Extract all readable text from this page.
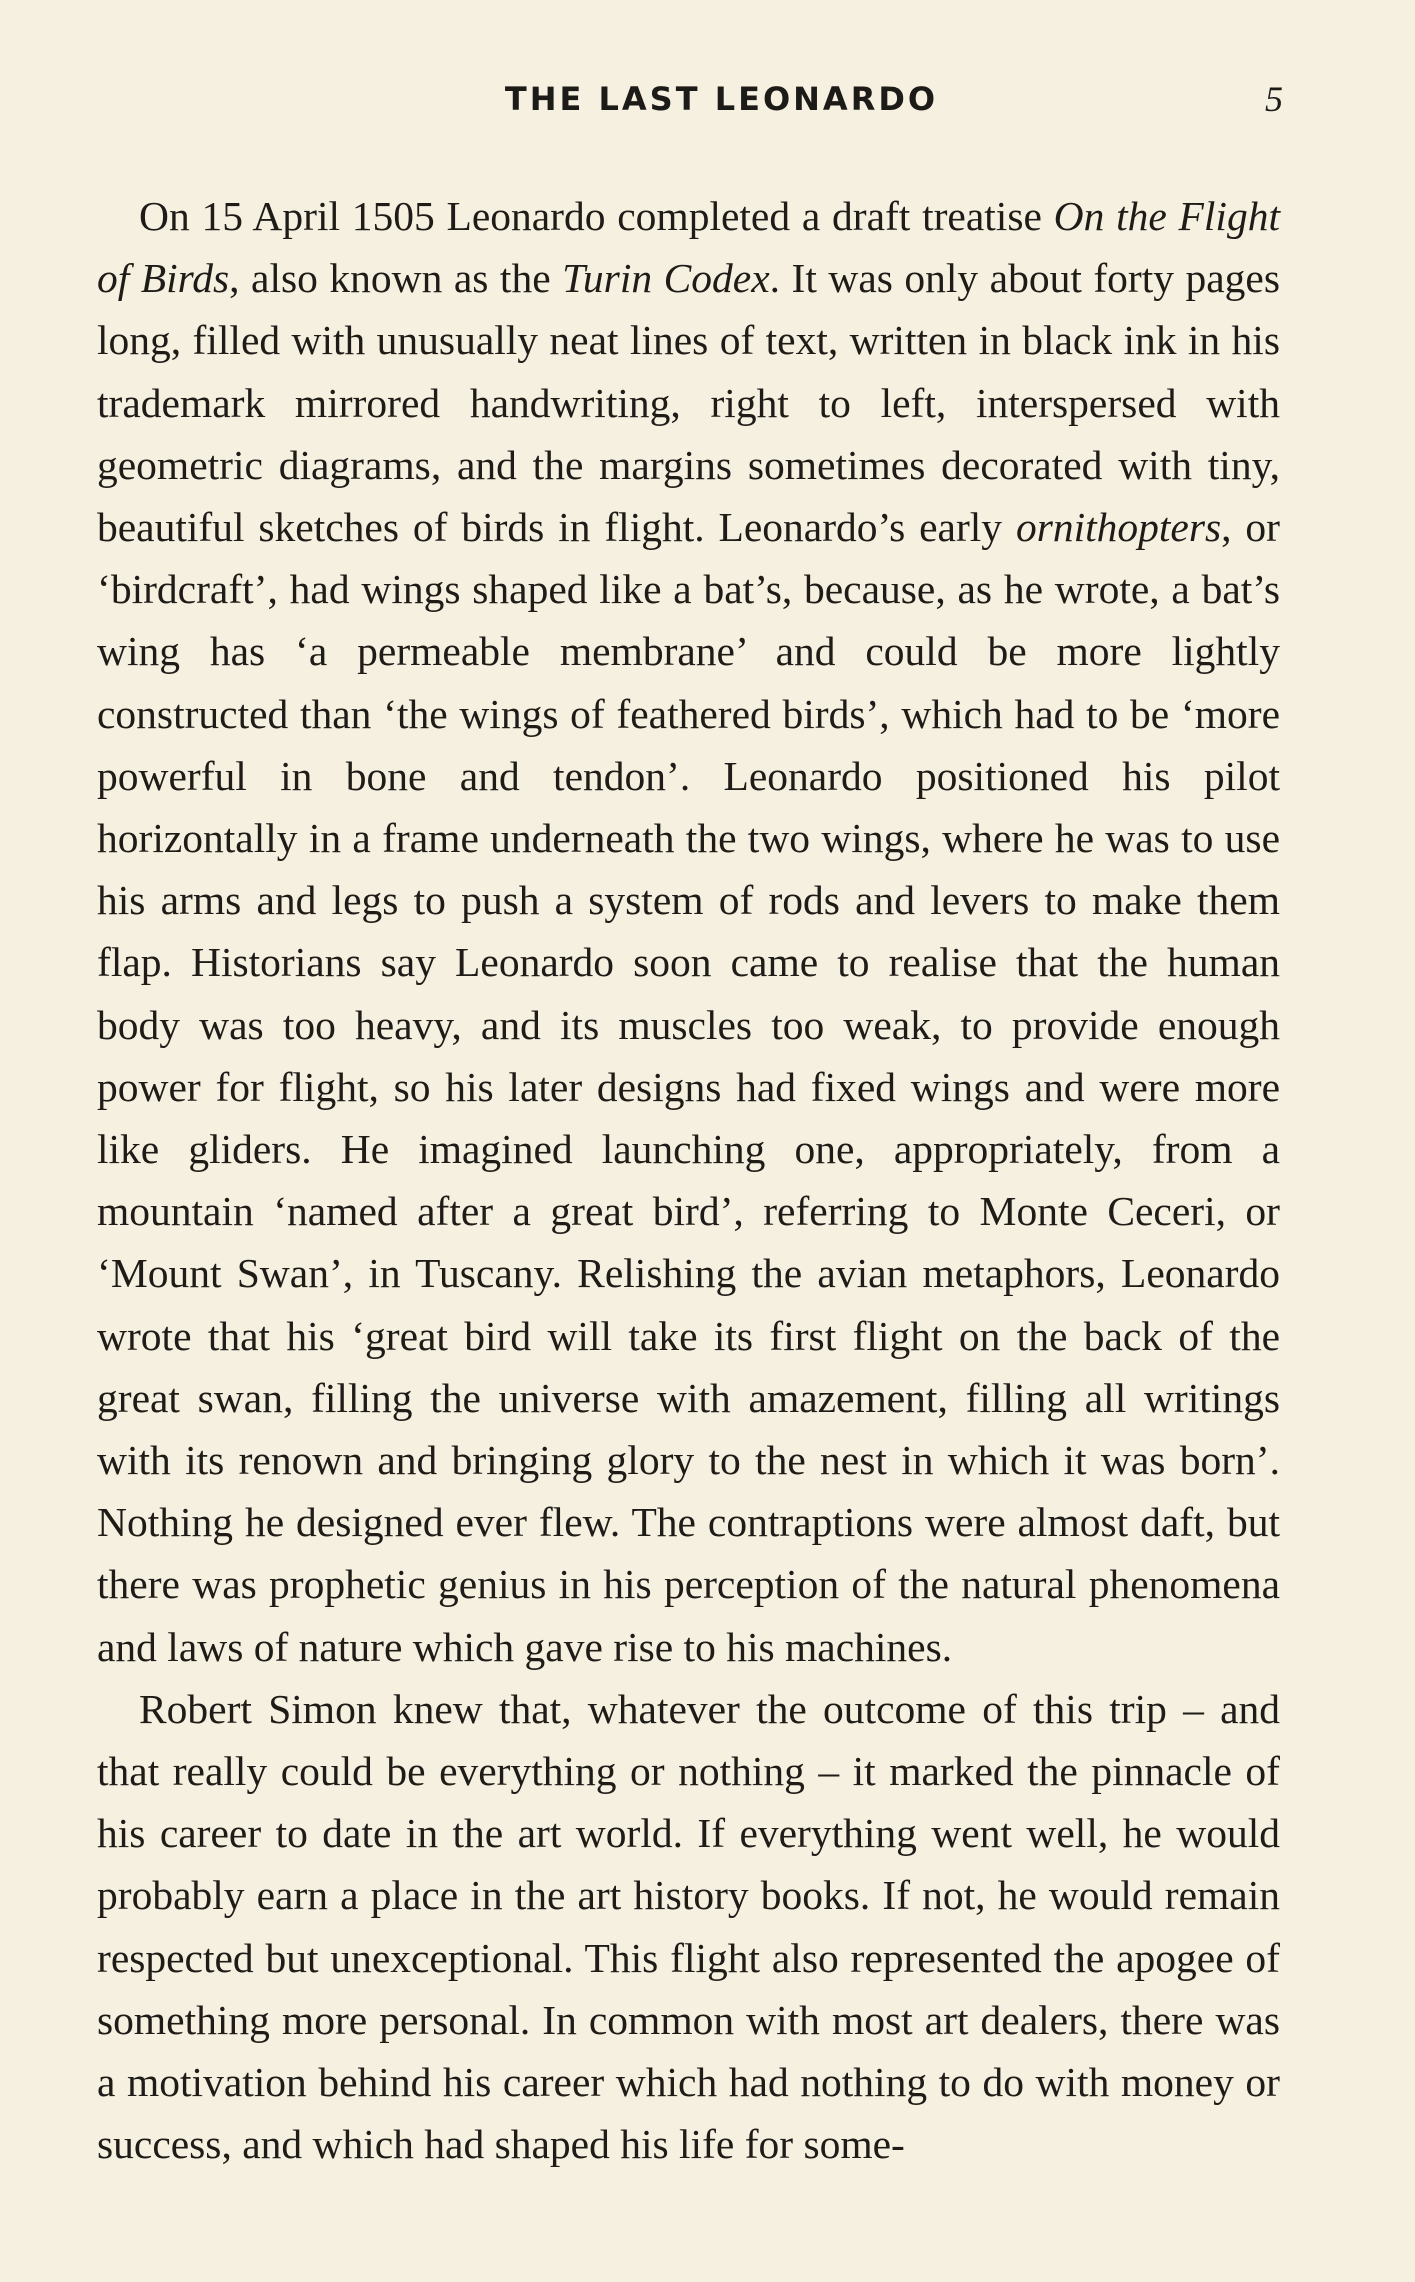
THE LAST LEONARDO	5

On 15 April 1505 Leonardo completed a draft treatise On the Flight of Birds, also known as the Turin Codex. It was only about forty pages long, filled with unusually neat lines of text, written in black ink in his trademark mirrored handwriting, right to left, interspersed with geometric diagrams, and the margins sometimes decorated with tiny, beautiful sketches of birds in flight. Leonardo’s early ornithopters, or ‘birdcraft’, had wings shaped like a bat’s, because, as he wrote, a bat’s wing has ‘a permeable membrane’ and could be more lightly constructed than ‘the wings of feathered birds’, which had to be ‘more powerful in bone and tendon’. Leonardo positioned his pilot horizontally in a frame underneath the two wings, where he was to use his arms and legs to push a system of rods and levers to make them flap. Historians say Leonardo soon came to realise that the human body was too heavy, and its muscles too weak, to provide enough power for flight, so his later designs had fixed wings and were more like gliders. He imagined launching one, appropriately, from a mountain ‘named after a great bird’, referring to Monte Ceceri, or ‘Mount Swan’, in Tuscany. Relishing the avian metaphors, Leonardo wrote that his ‘great bird will take its first flight on the back of the great swan, filling the universe with amazement, filling all writings with its renown and bringing glory to the nest in which it was born’. Nothing he designed ever flew. The contraptions were almost daft, but there was prophetic genius in his perception of the natural phenomena and laws of nature which gave rise to his machines.

Robert Simon knew that, whatever the outcome of this trip – and that really could be everything or nothing – it marked the pinnacle of his career to date in the art world. If everything went well, he would probably earn a place in the art history books. If not, he would remain respected but unexceptional. This flight also represented the apogee of something more personal. In common with most art dealers, there was a motivation behind his career which had nothing to do with money or success, and which had shaped his life for some-
